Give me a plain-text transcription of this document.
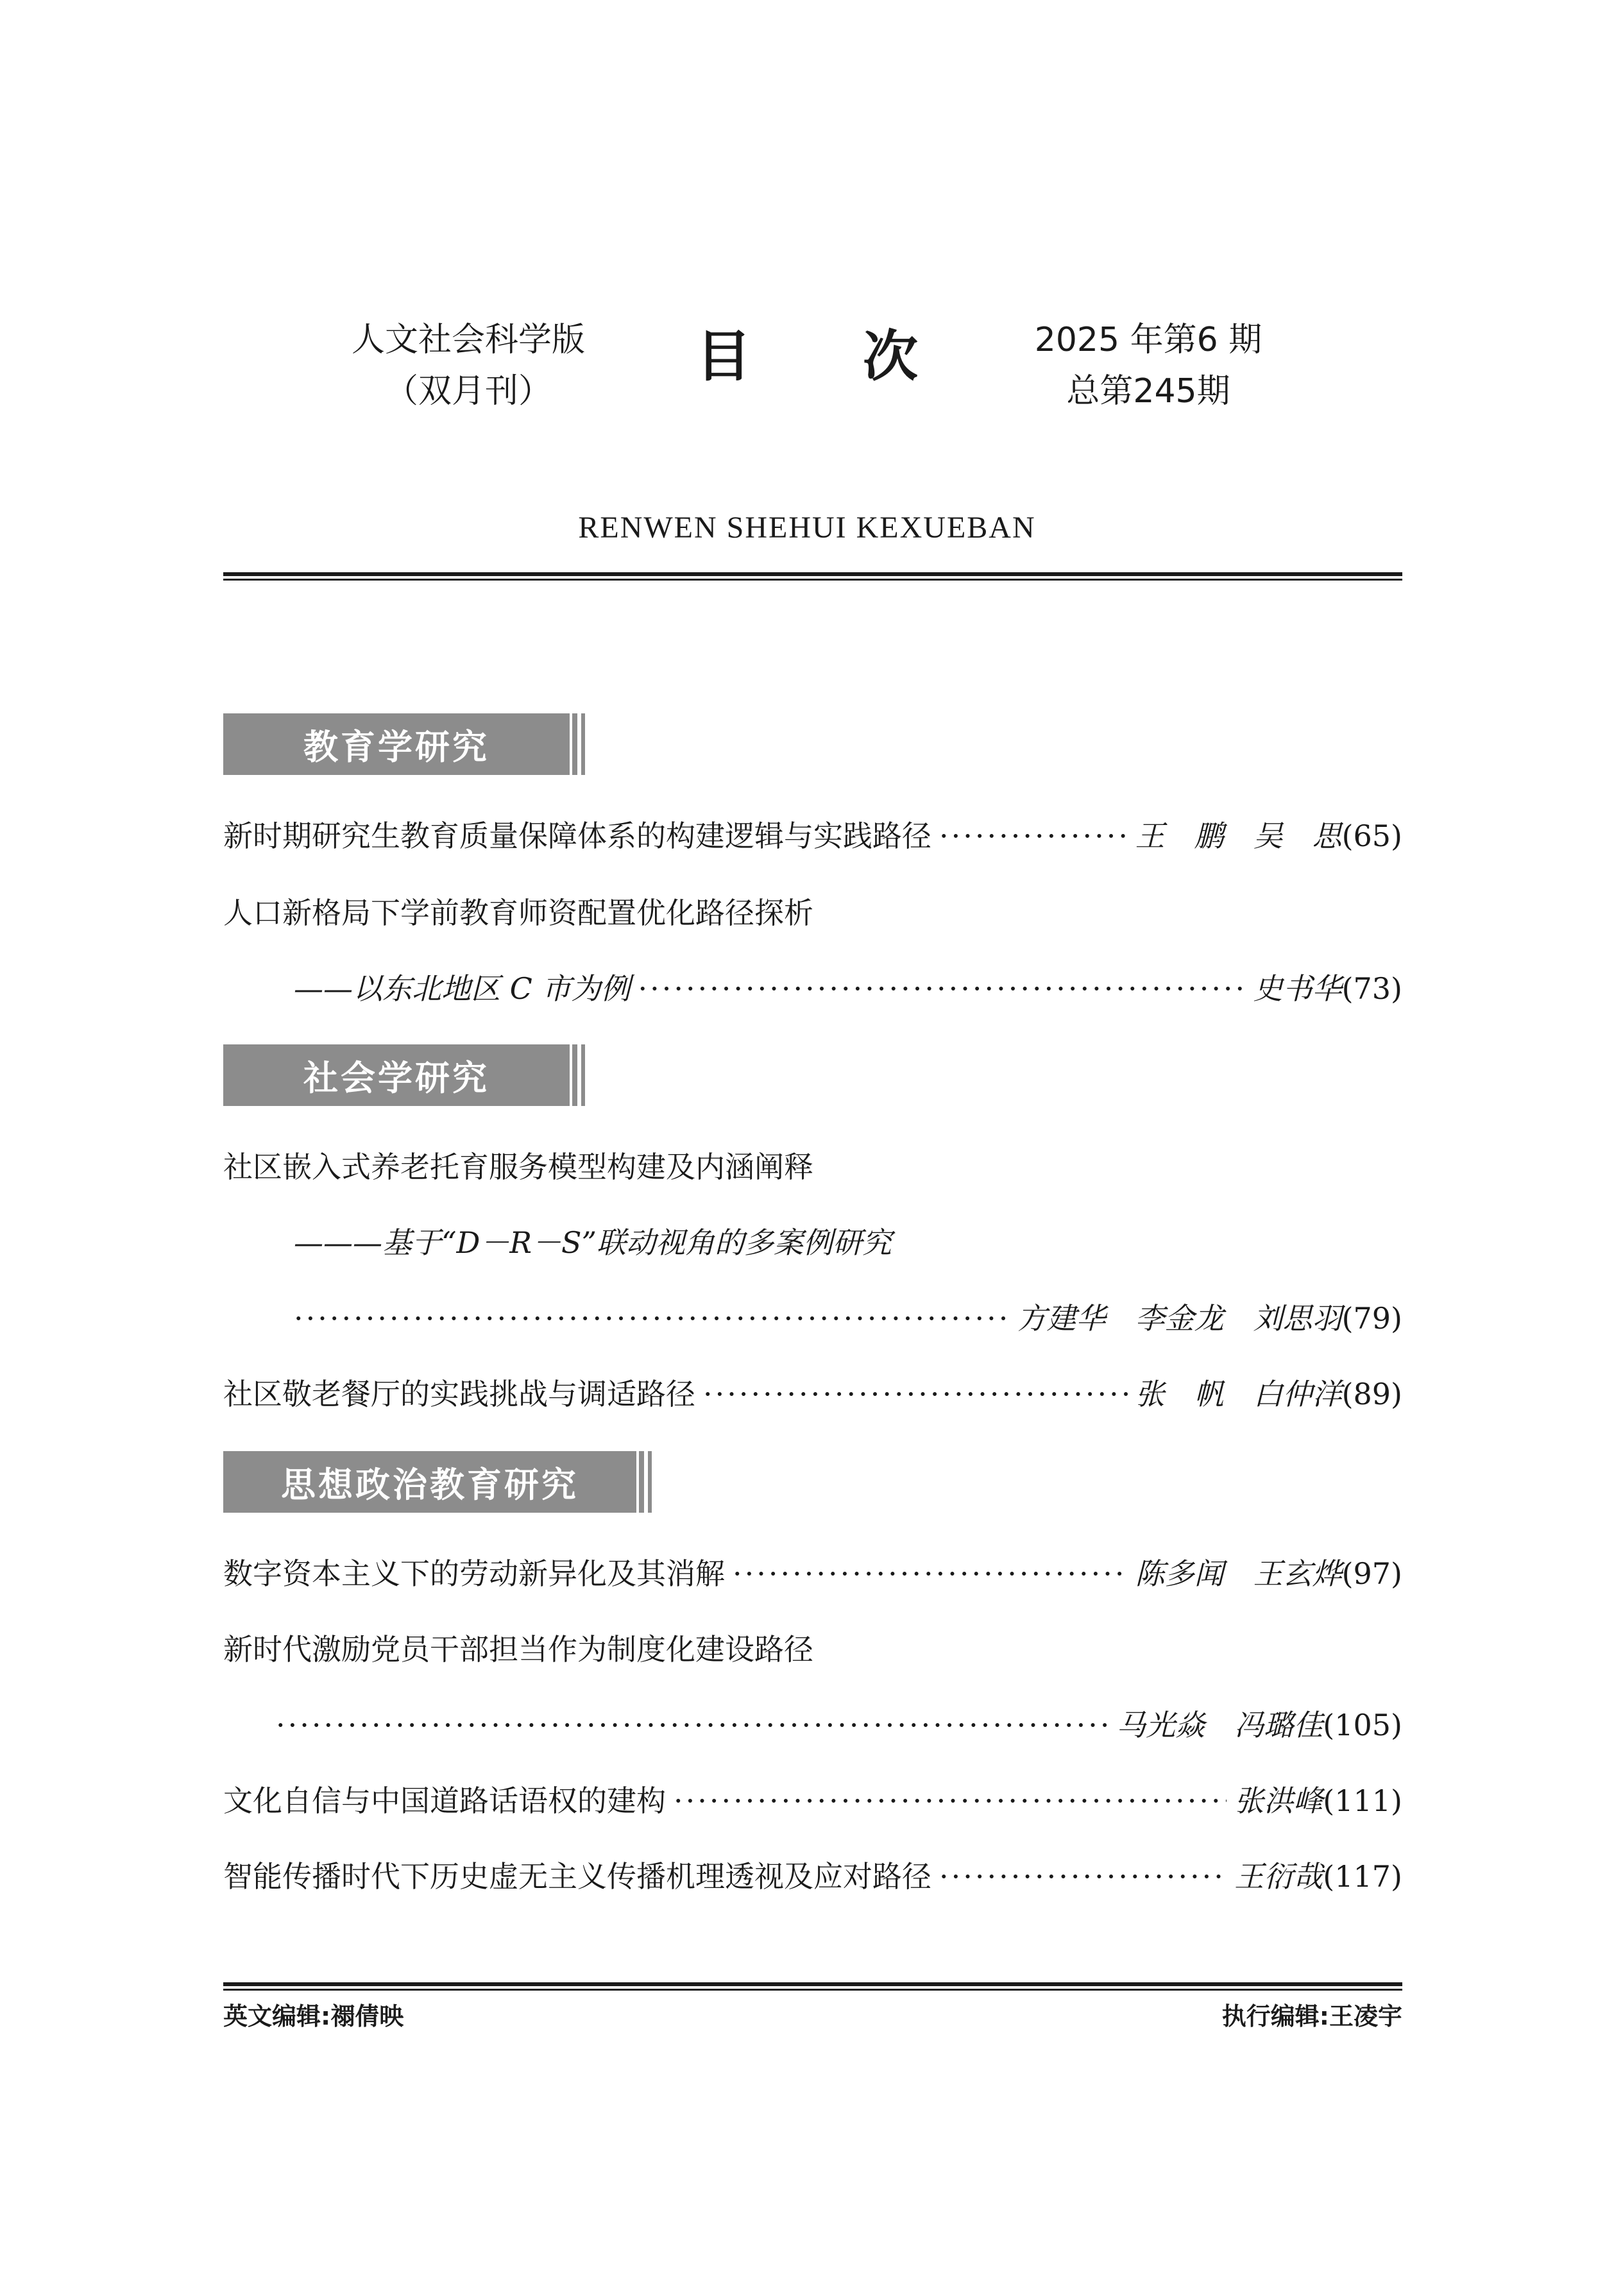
人文社会科学版
（双月刊）
目 次	2025 年第6 期
总第245期
RENWEN SHEHUI KEXUEBAN
教育学研究
新时期研究生教育质量保障体系的构建逻辑与实践路径 ·····	王　鹏　吴　思 (65)
人口新格局下学前教育师资配置优化路径探析
——以东北地区 C 市为例 ·····	史书华 (73)
社会学研究
社区嵌入式养老托育服务模型构建及内涵阐释
———基于“D－R－S”联动视角的多案例研究
·····
方建华　李金龙　刘思羽 (79)
社区敬老餐厅的实践挑战与调适路径 ·····	张　帆　白仲洋 (89)
思想政治教育研究
数字资本主义下的劳动新异化及其消解 ·····	陈多闻　王玄烨 (97)
新时代激励党员干部担当作为制度化建设路径
·····
马光焱　冯璐佳 (105)
文化自信与中国道路话语权的建构 ·····	张洪峰 (111)
智能传播时代下历史虚无主义传播机理透视及应对路径 ·····	王衍哉 (117)
英文编辑:禤倩映	执行编辑:王凌宇
